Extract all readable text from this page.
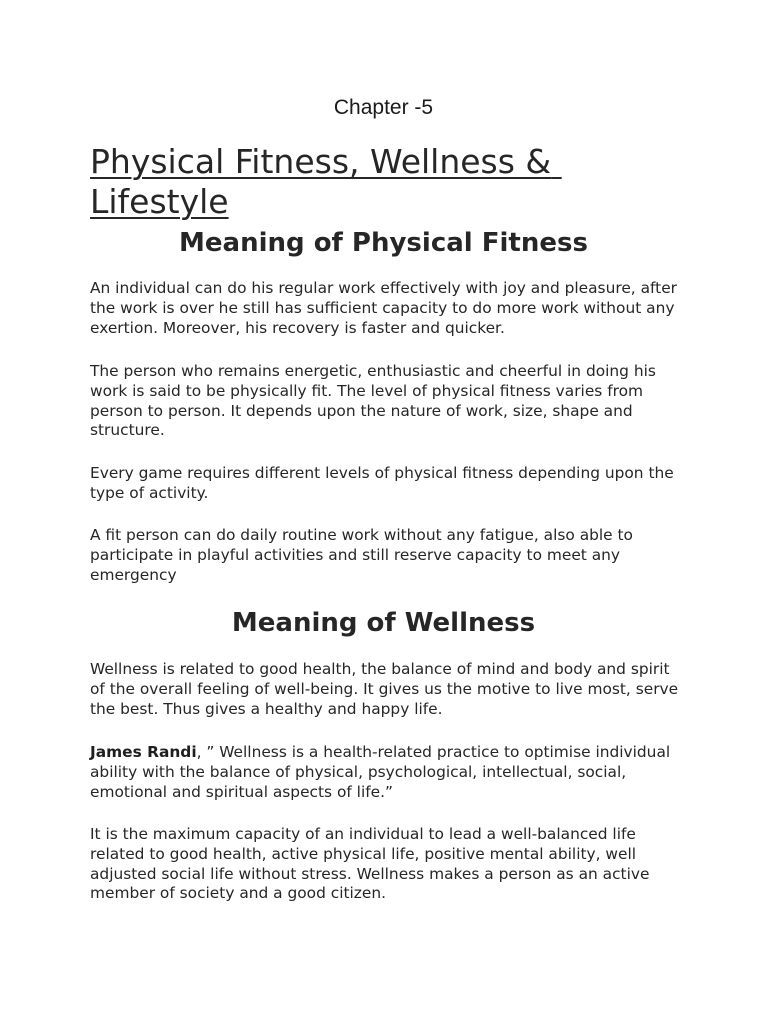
Chapter -5
Physical Fitness, Wellness & Lifestyle
Meaning of Physical Fitness

An individual can do his regular work effectively with joy and pleasure, after the work is over he still has sufficient capacity to do more work without any exertion. Moreover, his recovery is faster and quicker.

The person who remains energetic, enthusiastic and cheerful in doing his work is said to be physically fit. The level of physical fitness varies from person to person. It depends upon the nature of work, size, shape and structure.

Every game requires different levels of physical fitness depending upon the type of activity.

A fit person can do daily routine work without any fatigue, also able to participate in playful activities and still reserve capacity to meet any emergency

Meaning of Wellness

Wellness is related to good health, the balance of mind and body and spirit of the overall feeling of well-being. It gives us the motive to live most, serve the best. Thus gives a healthy and happy life.

James Randi, ” Wellness is a health-related practice to optimise individual ability with the balance of physical, psychological, intellectual, social, emotional and spiritual aspects of life.”

It is the maximum capacity of an individual to lead a well-balanced life related to good health, active physical life, positive mental ability, well adjusted social life without stress. Wellness makes a person as an active member of society and a good citizen.
